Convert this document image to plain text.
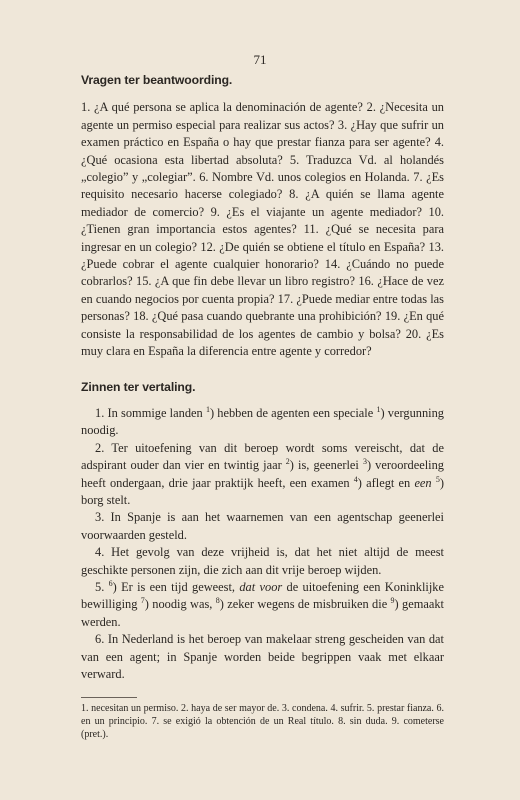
71
Vragen ter beantwoording.

1. ¿A qué persona se aplica la denominación de agente? 2. ¿Necesita un agente un permiso especial para realizar sus actos? 3. ¿Hay que sufrir un examen práctico en España o hay que prestar fianza para ser agente? 4. ¿Qué ocasiona esta libertad absoluta? 5. Traduzca Vd. al holandés „colegio” y „colegiar”. 6. Nombre Vd. unos colegios en Holanda. 7. ¿Es requisito necesario hacerse colegiado? 8. ¿A quién se llama agente mediador de comercio? 9. ¿Es el viajante un agente mediador? 10. ¿Tienen gran importancia estos agentes? 11. ¿Qué se necesita para ingresar en un colegio? 12. ¿De quién se obtiene el título en España? 13. ¿Puede cobrar el agente cualquier honorario? 14. ¿Cuándo no puede cobrarlos? 15. ¿A que fin debe llevar un libro registro? 16. ¿Hace de vez en cuando negocios por cuenta propia? 17. ¿Puede mediar entre todas las personas? 18. ¿Qué pasa cuando quebrante una prohibición? 19. ¿En qué consiste la responsabilidad de los agentes de cambio y bolsa? 20. ¿Es muy clara en España la diferencia entre agente y corredor?

Zinnen ter vertaling.

1. In sommige landen $^1$) hebben de agenten een speciale $^1$) vergunning noodig.

2. Ter uitoefening van dit beroep wordt soms vereischt, dat de adspirant ouder dan vier en twintig jaar $^2$) is, geenerlei $^3$) veroordeeling heeft ondergaan, drie jaar praktijk heeft, een examen $^4$) aflegt en een $^5$) borg stelt.

3. In Spanje is aan het waarnemen van een agentschap geenerlei voorwaarden gesteld.

4. Het gevolg van deze vrijheid is, dat het niet altijd de meest geschikte personen zijn, die zich aan dit vrije beroep wijden.

5. $^6$) Er is een tijd geweest, dat voor de uitoefening een Koninklijke bewilliging $^7$) noodig was, $^8$) zeker wegens de misbruiken die $^9$) gemaakt werden.

6. In Nederland is het beroep van makelaar streng gescheiden van dat van een agent; in Spanje worden beide begrippen vaak met elkaar verward.

1. necesitan un permiso. 2. haya de ser mayor de. 3. condena. 4. sufrir. 5. prestar fianza. 6. en un principio. 7. se exigió la obtención de un Real título. 8. sin duda. 9. cometerse (pret.).
